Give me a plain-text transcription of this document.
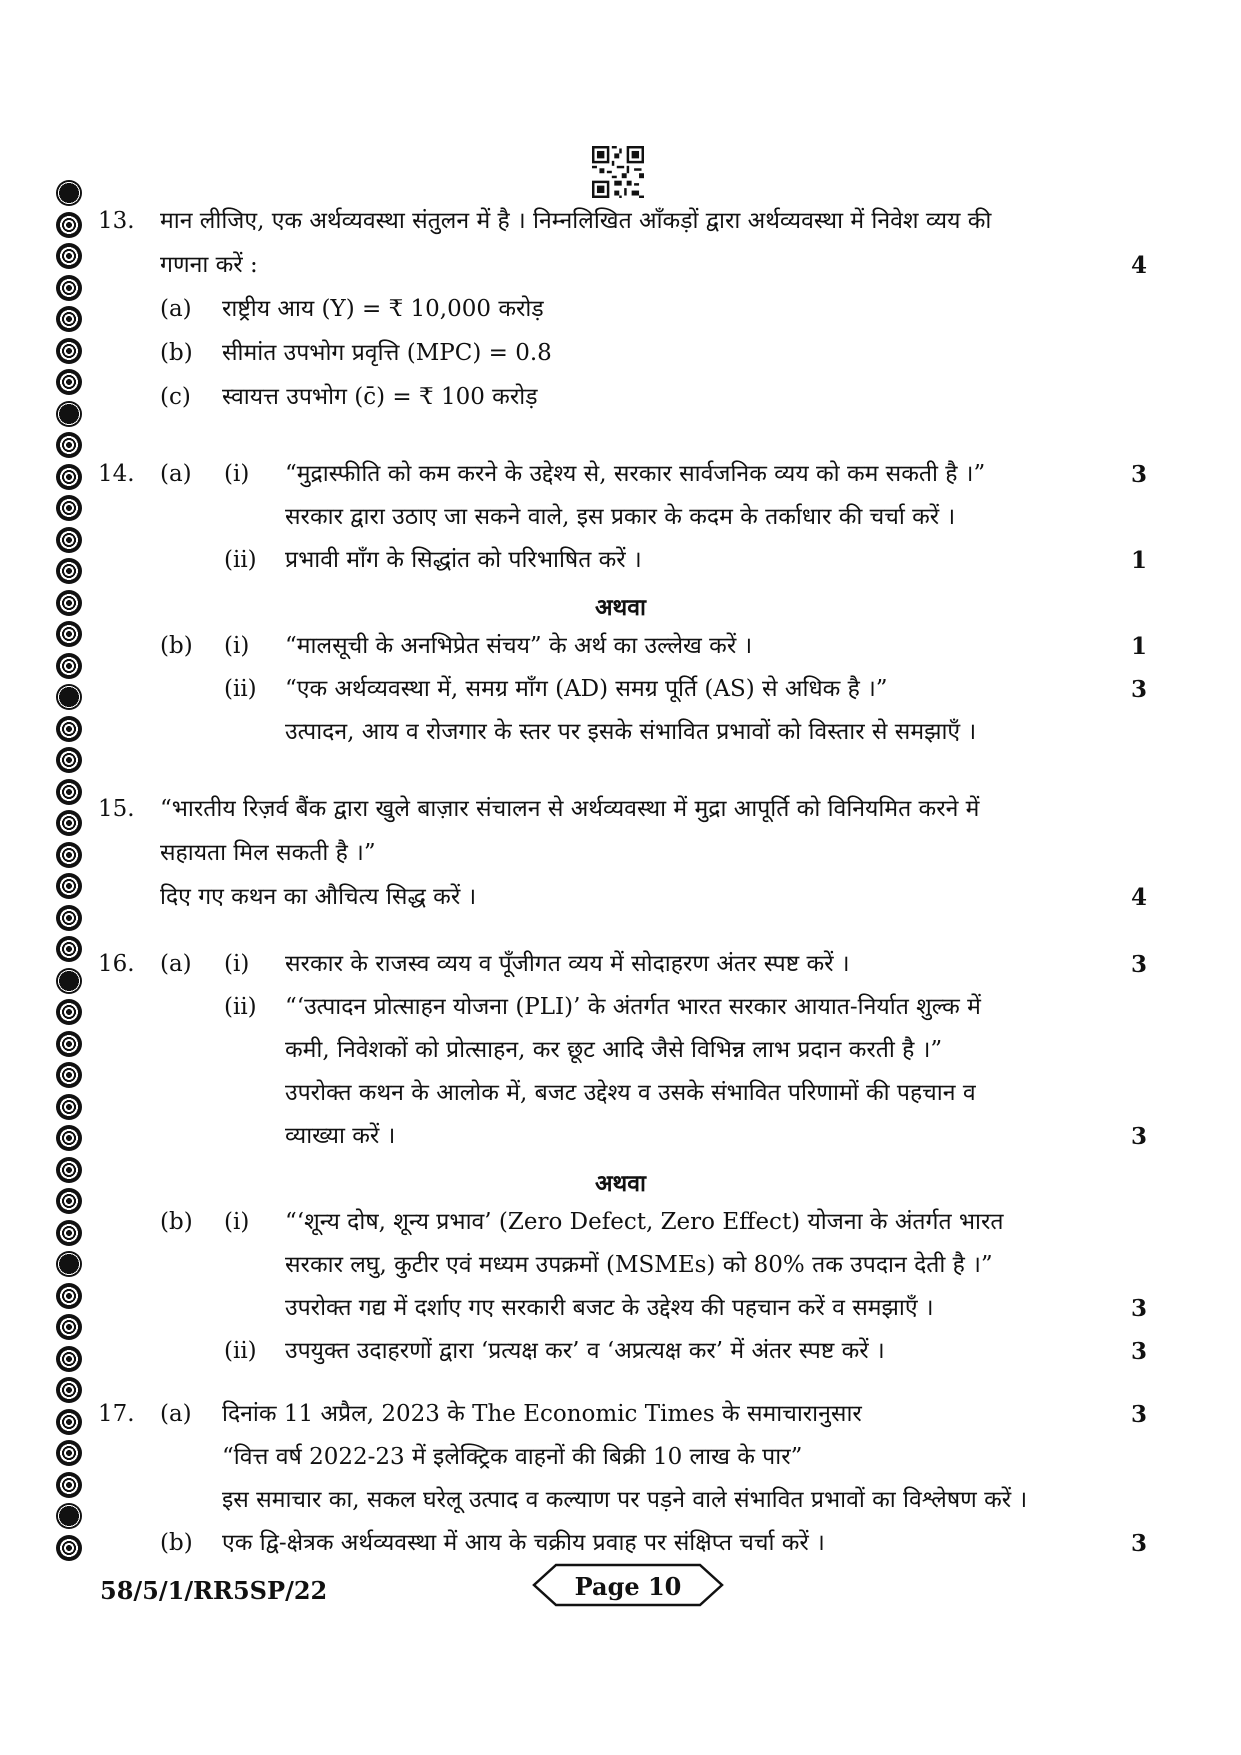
13. मान लीजिए, एक अर्थव्यवस्था संतुलन में है । निम्नलिखित आँकड़ों द्वारा अर्थव्यवस्था में निवेश व्यय की
गणना करें :	4
(a) राष्ट्रीय आय (Y) = ₹ 10,000 करोड़
(b) सीमांत उपभोग प्रवृत्ति (MPC) = 0.8
(c) स्वायत्त उपभोग (c̄) = ₹ 100 करोड़
14. (a) (i) “मुद्रास्फीति को कम करने के उद्देश्य से, सरकार सार्वजनिक व्यय को कम सकती है ।”	3
सरकार द्वारा उठाए जा सकने वाले, इस प्रकार के कदम के तर्काधार की चर्चा करें ।
(ii) प्रभावी माँग के सिद्धांत को परिभाषित करें ।	1
अथवा
(b) (i) “मालसूची के अनभिप्रेत संचय” के अर्थ का उल्लेख करें ।	1
(ii) “एक अर्थव्यवस्था में, समग्र माँग (AD) समग्र पूर्ति (AS) से अधिक है ।”	3
उत्पादन, आय व रोजगार के स्तर पर इसके संभावित प्रभावों को विस्तार से समझाएँ ।
15. “भारतीय रिज़र्व बैंक द्वारा खुले बाज़ार संचालन से अर्थव्यवस्था में मुद्रा आपूर्ति को विनियमित करने में
सहायता मिल सकती है ।”
दिए गए कथन का औचित्य सिद्ध करें ।	4
16. (a) (i) सरकार के राजस्व व्यय व पूँजीगत व्यय में सोदाहरण अंतर स्पष्ट करें ।	3
(ii) “‘उत्पादन प्रोत्साहन योजना (PLI)’ के अंतर्गत भारत सरकार आयात-निर्यात शुल्क में
कमी, निवेशकों को प्रोत्साहन, कर छूट आदि जैसे विभिन्न लाभ प्रदान करती है ।”
उपरोक्त कथन के आलोक में, बजट उद्देश्य व उसके संभावित परिणामों की पहचान व
व्याख्या करें ।	3
अथवा
(b) (i) “‘शून्य दोष, शून्य प्रभाव’ (Zero Defect, Zero Effect) योजना के अंतर्गत भारत
सरकार लघु, कुटीर एवं मध्यम उपक्रमों (MSMEs) को 80% तक उपदान देती है ।”
उपरोक्त गद्य में दर्शाए गए सरकारी बजट के उद्देश्य की पहचान करें व समझाएँ ।	3
(ii) उपयुक्त उदाहरणों द्वारा ‘प्रत्यक्ष कर’ व ‘अप्रत्यक्ष कर’ में अंतर स्पष्ट करें ।	3
17. (a) दिनांक 11 अप्रैल, 2023 के The Economic Times के समाचारानुसार	3
“वित्त वर्ष 2022-23 में इलेक्ट्रिक वाहनों की बिक्री 10 लाख के पार”
इस समाचार का, सकल घरेलू उत्पाद व कल्याण पर पड़ने वाले संभावित प्रभावों का विश्लेषण करें ।
(b) एक द्वि-क्षेत्रक अर्थव्यवस्था में आय के चक्रीय प्रवाह पर संक्षिप्त चर्चा करें ।	3
58/5/1/RR5SP/22	Page 10
